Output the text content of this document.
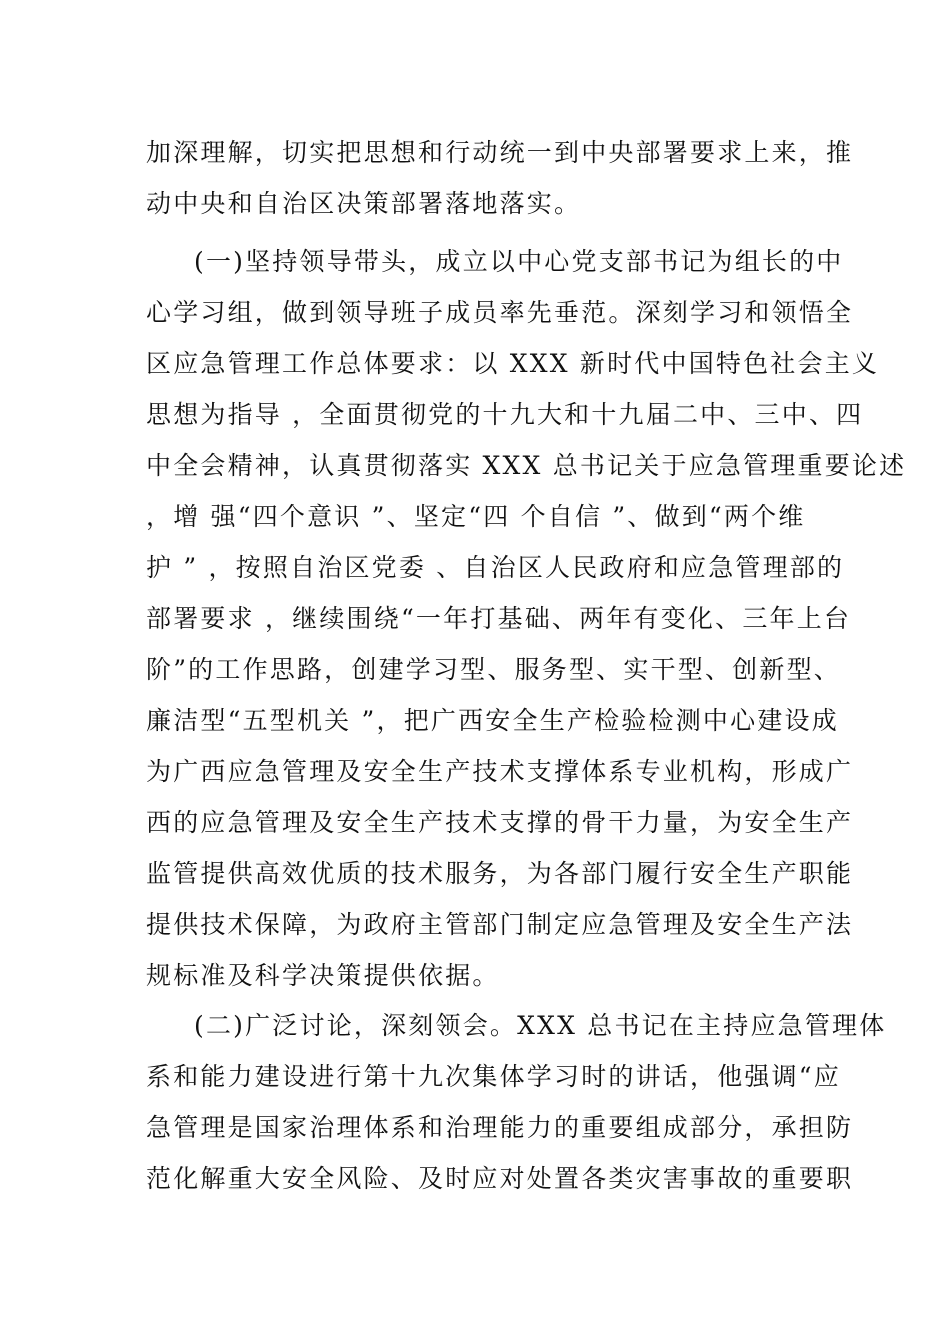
加深理解，切实把思想和行动统一到中央部署要求上来，推
动中央和自治区决策部署落地落实。
(一)坚持领导带头，成立以中心党支部书记为组长的中
心学习组，做到领导班子成员率先垂范。深刻学习和领悟全
区应急管理工作总体要求：以 XXX 新时代中国特色社会主义
思想为指导 ，全面贯彻党的十九大和十九届二中、三中、四
中全会精神，认真贯彻落实 XXX 总书记关于应急管理重要论述
，增 强“四个意识 ”、坚定“四 个自信 ”、做到“两个维
护 ” ，按照自治区党委 、自治区人民政府和应急管理部的
部署要求 ，继续围绕“一年打基础、两年有变化、三年上台
阶”的工作思路，创建学习型、服务型、实干型、创新型、
廉洁型“五型机关 ”，把广西安全生产检验检测中心建设成
为广西应急管理及安全生产技术支撑体系专业机构，形成广
西的应急管理及安全生产技术支撑的骨干力量，为安全生产
监管提供高效优质的技术服务，为各部门履行安全生产职能
提供技术保障，为政府主管部门制定应急管理及安全生产法
规标准及科学决策提供依据。
(二)广泛讨论，深刻领会。XXX 总书记在主持应急管理体
系和能力建设进行第十九次集体学习时的讲话，他强调“应
急管理是国家治理体系和治理能力的重要组成部分，承担防
范化解重大安全风险、及时应对处置各类灾害事故的重要职
